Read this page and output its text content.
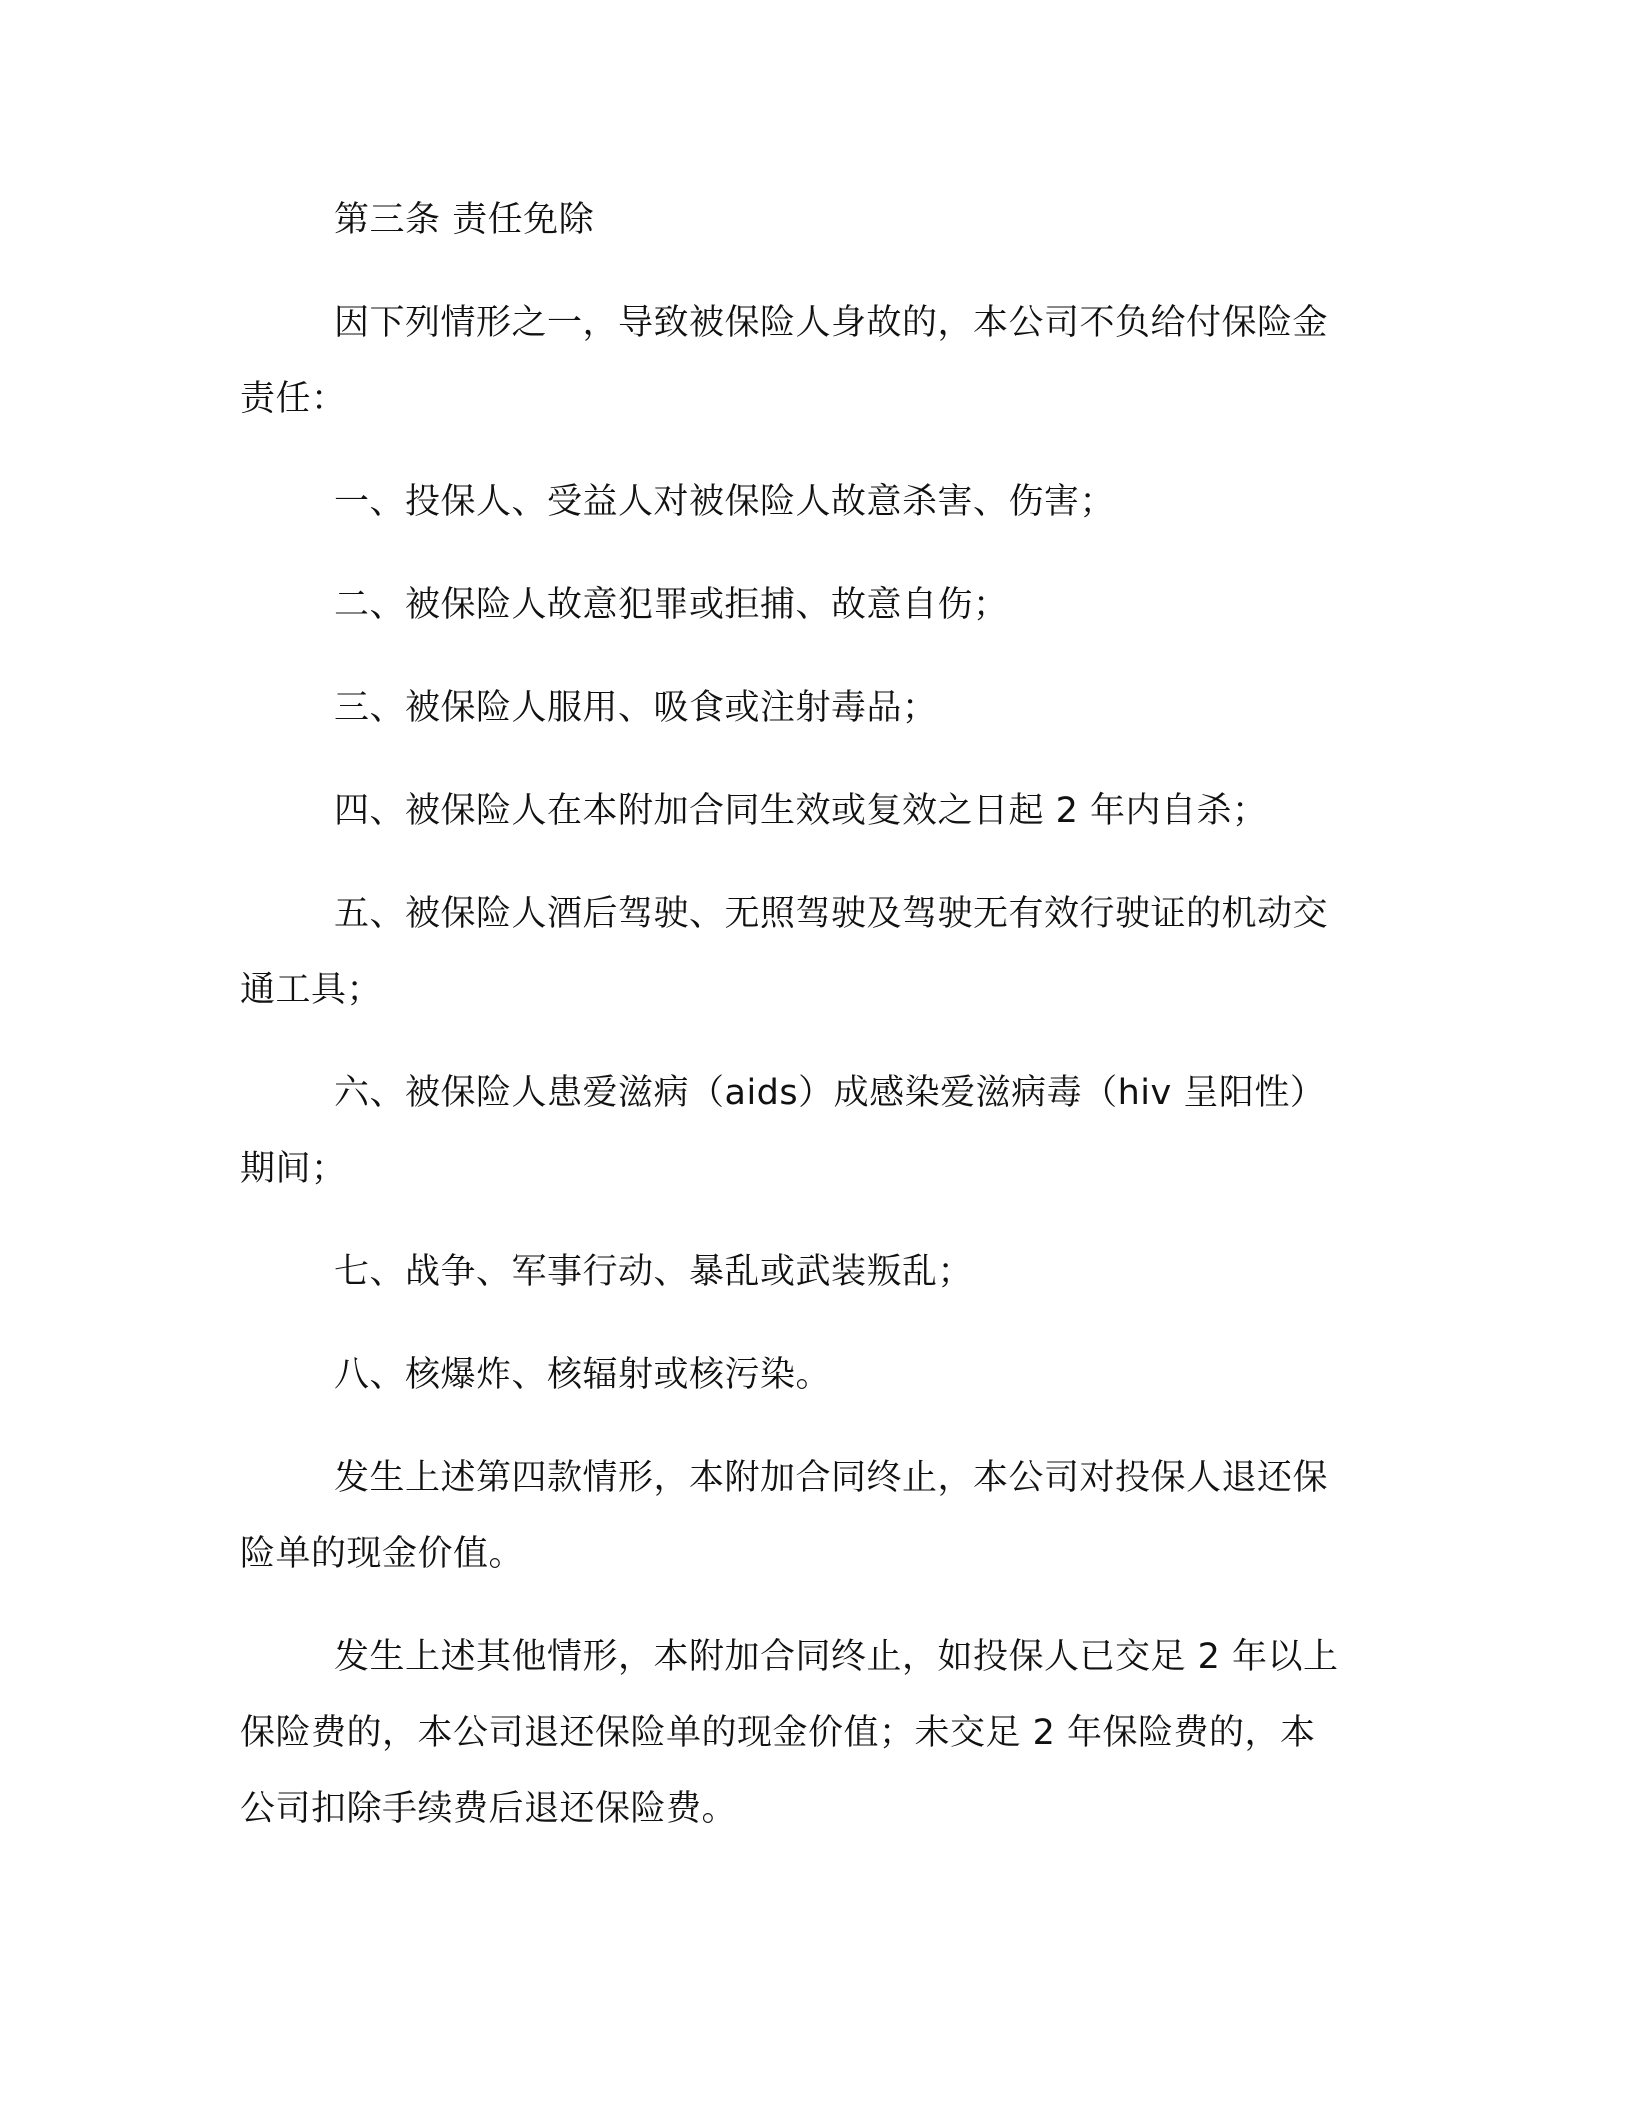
第三条 责任免除
因下列情形之一，导致被保险人身故的，本公司不负给付保险金
责任：
一、投保人、受益人对被保险人故意杀害、伤害；
二、被保险人故意犯罪或拒捕、故意自伤；
三、被保险人服用、吸食或注射毒品；
四、被保险人在本附加合同生效或复效之日起 2 年内自杀；
五、被保险人酒后驾驶、无照驾驶及驾驶无有效行驶证的机动交
通工具；
六、被保险人患爱滋病（aids）成感染爱滋病毒（hiv 呈阳性）
期间；
七、战争、军事行动、暴乱或武装叛乱；
八、核爆炸、核辐射或核污染。
发生上述第四款情形，本附加合同终止，本公司对投保人退还保
险单的现金价值。
发生上述其他情形，本附加合同终止，如投保人已交足 2 年以上
保险费的，本公司退还保险单的现金价值；未交足 2 年保险费的，本
公司扣除手续费后退还保险费。
